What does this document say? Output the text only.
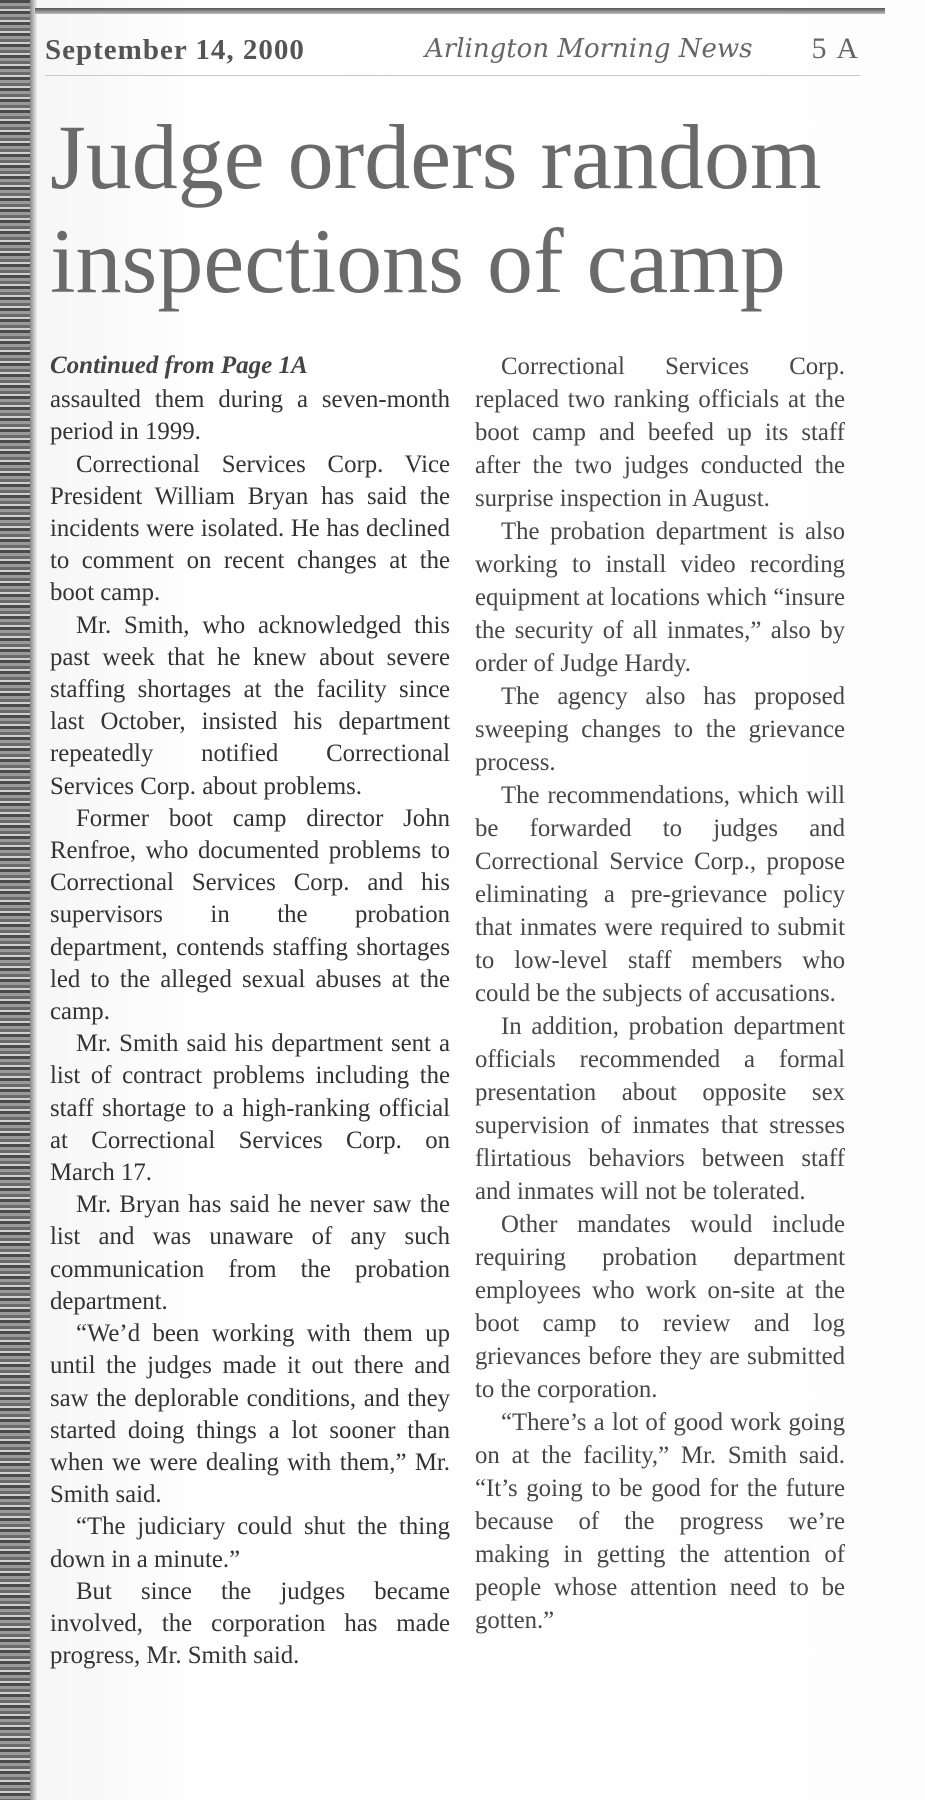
September 14, 2000	Arlington Morning News 5 A
Judge orders random inspections of camp
Continued from Page 1A

assaulted them during a seven-month period in 1999.

Correctional Services Corp. Vice President William Bryan has said the incidents were isolated. He has declined to comment on recent changes at the boot camp.

Mr. Smith, who acknowledged this past week that he knew about severe staffing shortages at the facility since last October, insisted his department repeatedly notified Correctional Services Corp. about problems.

Former boot camp director John Renfroe, who documented problems to Correctional Services Corp. and his supervisors in the probation department, contends staffing shortages led to the alleged sexual abuses at the camp.

Mr. Smith said his department sent a list of contract problems including the staff shortage to a high-ranking official at Correctional Services Corp. on March 17.

Mr. Bryan has said he never saw the list and was unaware of any such communication from the probation department.

“We’d been working with them up until the judges made it out there and saw the deplorable conditions, and they started doing things a lot sooner than when we were dealing with them,” Mr. Smith said.

“The judiciary could shut the thing down in a minute.”

But since the judges became involved, the corporation has made progress, Mr. Smith said.

Correctional Services Corp. replaced two ranking officials at the boot camp and beefed up its staff after the two judges conducted the surprise inspection in August.

The probation department is also working to install video recording equipment at locations which “insure the security of all inmates,” also by order of Judge Hardy.

The agency also has proposed sweeping changes to the grievance process.

The recommendations, which will be forwarded to judges and Correctional Service Corp., propose eliminating a pre-grievance policy that inmates were required to submit to low-level staff members who could be the subjects of accusations.

In addition, probation department officials recommended a formal presentation about opposite sex supervision of inmates that stresses flirtatious behaviors between staff and inmates will not be tolerated.

Other mandates would include requiring probation department employees who work on-site at the boot camp to review and log grievances before they are submitted to the corporation.

“There’s a lot of good work going on at the facility,” Mr. Smith said. “It’s going to be good for the future because of the progress we’re making in getting the attention of people whose attention need to be gotten.”
